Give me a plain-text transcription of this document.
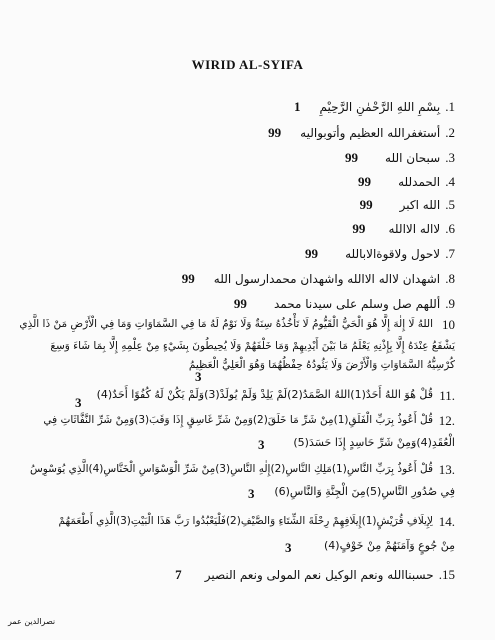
WIRID AL-SYIFA
1. بِسْمِ اللهِ الرَّحْمٰنِ الرَّحِيْمِ 1
2. أستغفرالله العظيم وأتوبواليه 99
3. سبحان الله 99
4. الحمدلله 99
5. الله اكبر 99
6. لااله الاالله 99
7. لاحول ولاقوةالابالله 99
8. اشهدان لااله الاالله واشهدان محمدارسول الله 99
9. أللهم صل وسلم على سيدنا محمد 99
10
اللهُ لَا إِلٰهَ إِلَّا هُوَ الْحَيُّ الْقَيُّومُ لَا تَأْخُذُهُ سِنَةٌ وَلَا نَوْمٌ لَهُ مَا فِي السَّمَاوَاتِ وَمَا فِي الْأَرْضِ مَنْ ذَا الَّذِي
يَشْفَعُ عِنْدَهُ إِلَّا بِإِذْنِهِ يَعْلَمُ مَا بَيْنَ أَيْدِيهِمْ وَمَا خَلْفَهُمْ وَلَا يُحِيطُونَ بِشَيْءٍ مِنْ عِلْمِهِ إِلَّا بِمَا شَاءَ وَسِعَ
كُرْسِيُّهُ السَّمَاوَاتِ وَالْأَرْضَ وَلَا يَئُودُهُ حِفْظُهُمَا وَهُوَ الْعَلِيُّ الْعَظِيمُ
3
11.
قُلْ هُوَ اللهُ أَحَدٌ(1)اللهُ الصَّمَدُ(2)لَمْ يَلِدْ وَلَمْ يُولَدْ(3)وَلَمْ يَكُنْ لَهُ كُفُوًا أَحَدٌ(4)
3
12.
قُلْ أَعُوذُ بِرَبِّ الْفَلَقِ(1)مِنْ شَرِّ مَا خَلَقَ(2)وَمِنْ شَرِّ غَاسِقٍ إِذَا وَقَبَ(3)وَمِنْ شَرِّ النَّفَّاثَاتِ فِي
الْعُقَدِ(4)وَمِنْ شَرِّ حَاسِدٍ إِذَا حَسَدَ(5)
3
13.
قُلْ أَعُوذُ بِرَبِّ النَّاسِ(1)مَلِكِ النَّاسِ(2)إِلٰهِ النَّاسِ(3)مِنْ شَرِّ الْوَسْوَاسِ الْخَنَّاسِ(4)الَّذِي يُوَسْوِسُ
فِي صُدُورِ النَّاسِ(5)مِنَ الْجِنَّةِ وَالنَّاسِ(6)
3
14.
لِإِيلَافِ قُرَيْشٍ(1)إِيلَافِهِمْ رِحْلَةَ الشِّتَاءِ وَالصَّيْفِ(2)فَلْيَعْبُدُوا رَبَّ هَذَا الْبَيْتِ(3)الَّذِي أَطْعَمَهُمْ
مِنْ جُوعٍ وَآمَنَهُمْ مِنْ خَوْفٍ(4)
3
15. حسبناالله ونعم الوكيل نعم المولى ونعم النصير 7
نصرالدين عمر
